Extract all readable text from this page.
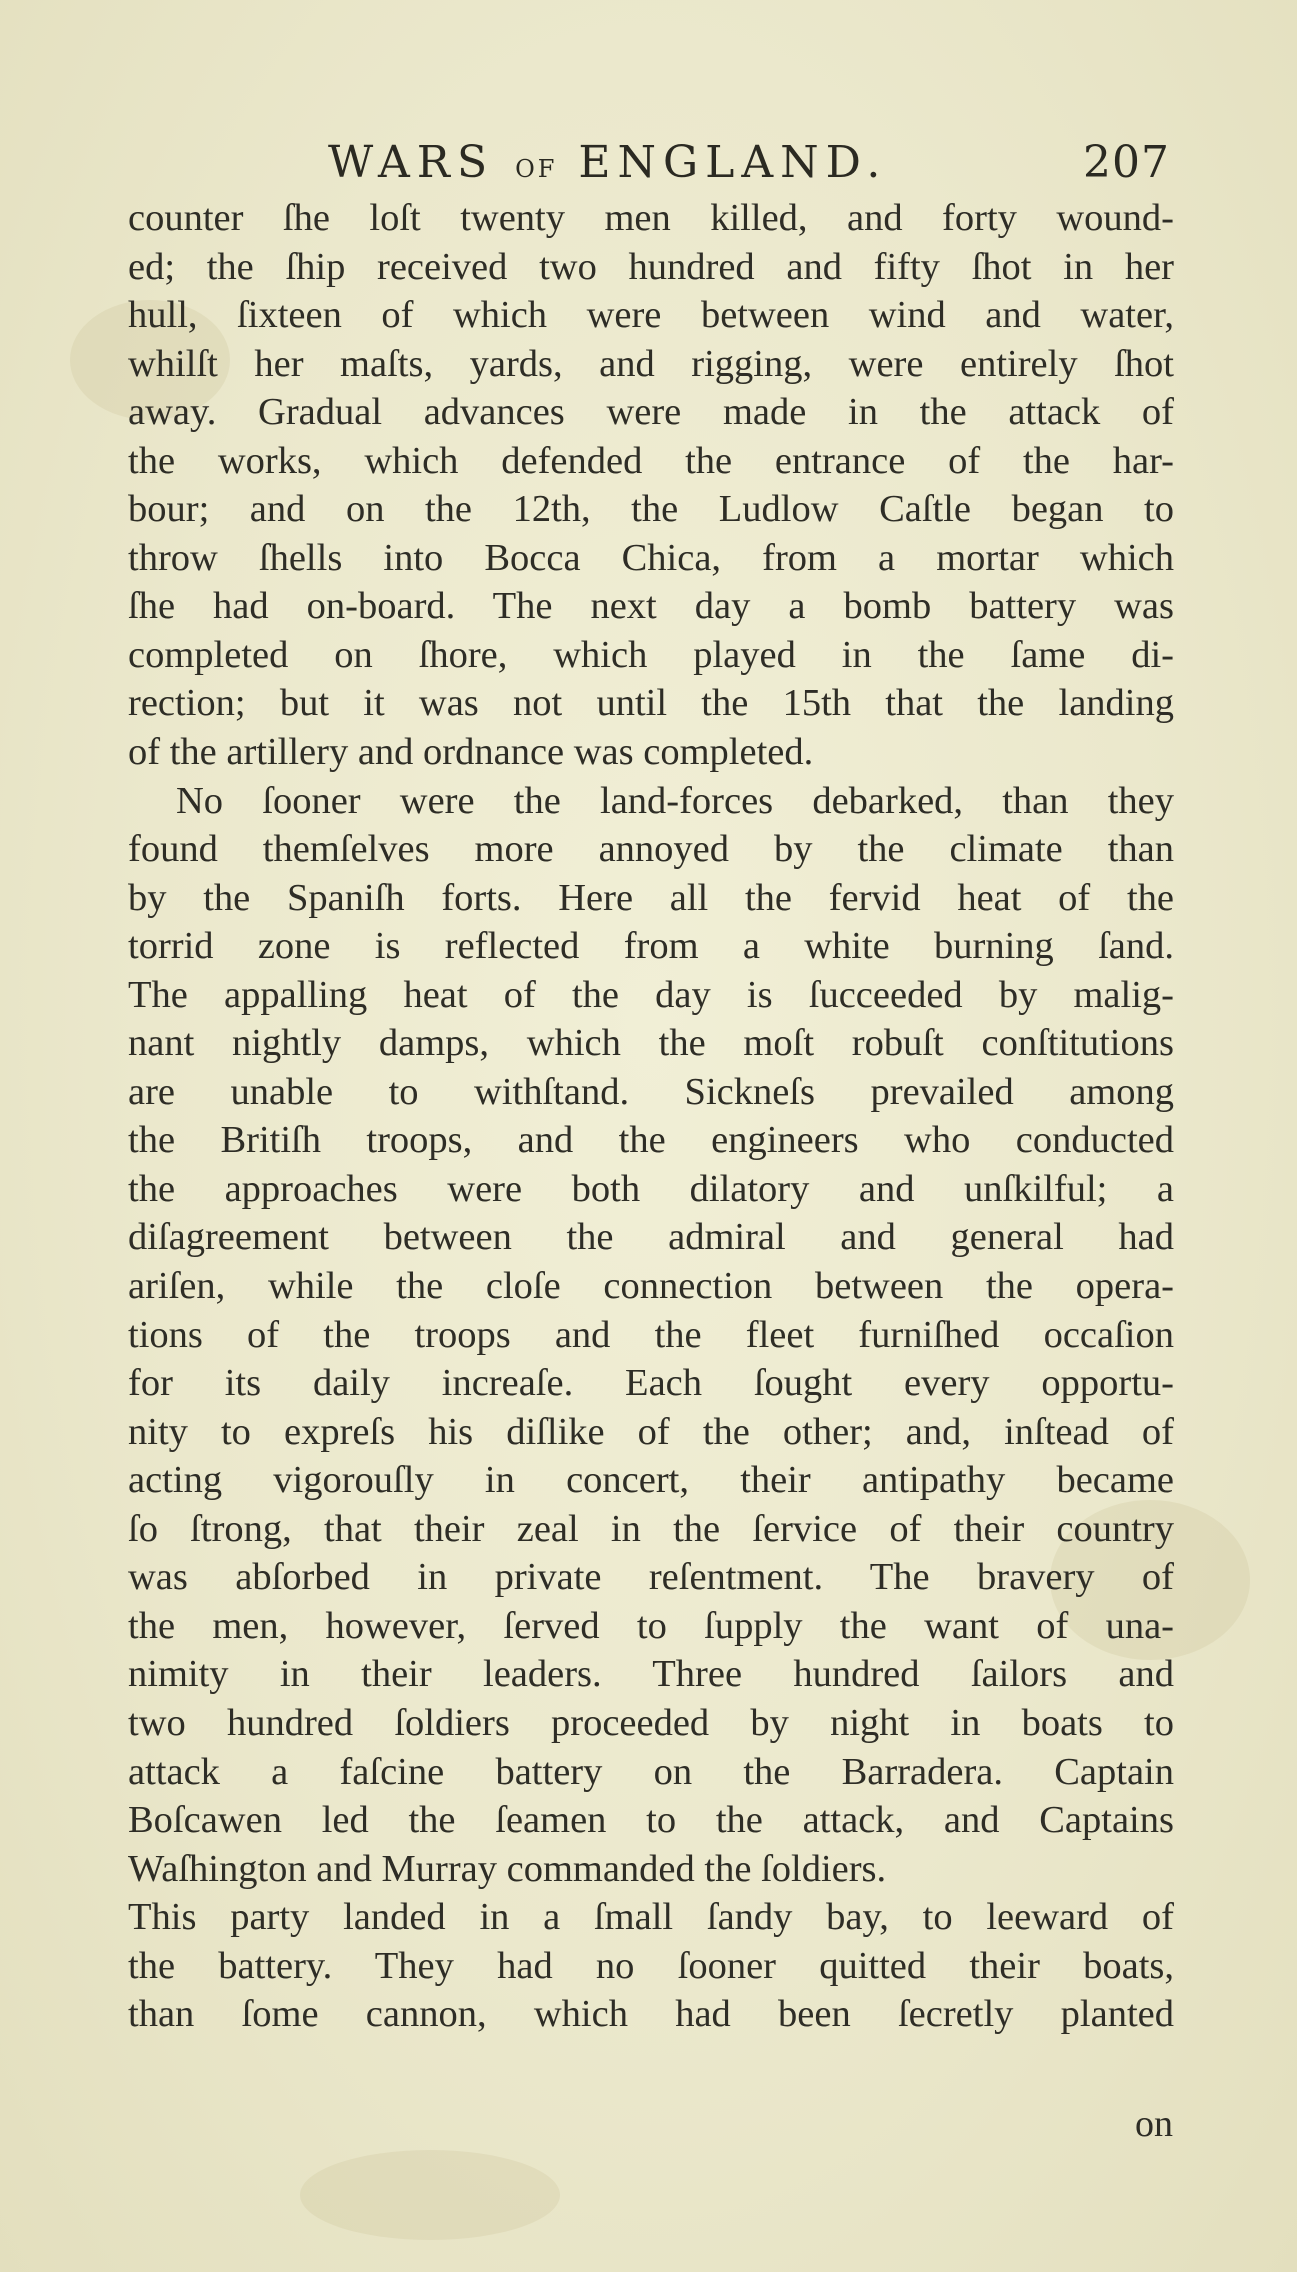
WARS OF ENGLAND.	207
counter ſhe loſt twenty men killed, and forty wound-
ed; the ſhip received two hundred and fifty ſhot in her
hull, ſixteen of which were between wind and water,
whilſt her maſts, yards, and rigging, were entirely ſhot
away. Gradual advances were made in the attack of
the works, which defended the entrance of the har-
bour; and on the 12th, the Ludlow Caſtle began to
throw ſhells into Bocca Chica, from a mortar which
ſhe had on-board. The next day a bomb battery was
completed on ſhore, which played in the ſame di-
rection; but it was not until the 15th that the landing
of the artillery and ordnance was completed.
No ſooner were the land-forces debarked, than they
found themſelves more annoyed by the climate than
by the Spaniſh forts. Here all the fervid heat of the
torrid zone is reflected from a white burning ſand.
The appalling heat of the day is ſucceeded by malig-
nant nightly damps, which the moſt robuſt conſtitutions
are unable to withſtand. Sickneſs prevailed among
the Britiſh troops, and the engineers who conducted
the approaches were both dilatory and unſkilful; a
diſagreement between the admiral and general had
ariſen, while the cloſe connection between the opera-
tions of the troops and the fleet furniſhed occaſion
for its daily increaſe. Each ſought every opportu-
nity to expreſs his diſlike of the other; and, inſtead of
acting vigorouſly in concert, their antipathy became
ſo ſtrong, that their zeal in the ſervice of their country
was abſorbed in private reſentment. The bravery of
the men, however, ſerved to ſupply the want of una-
nimity in their leaders. Three hundred ſailors and
two hundred ſoldiers proceeded by night in boats to
attack a faſcine battery on the Barradera. Captain
Boſcawen led the ſeamen to the attack, and Captains
Waſhington and Murray commanded the ſoldiers.
This party landed in a ſmall ſandy bay, to leeward of
the battery. They had no ſooner quitted their boats,
than ſome cannon, which had been ſecretly planted
on
